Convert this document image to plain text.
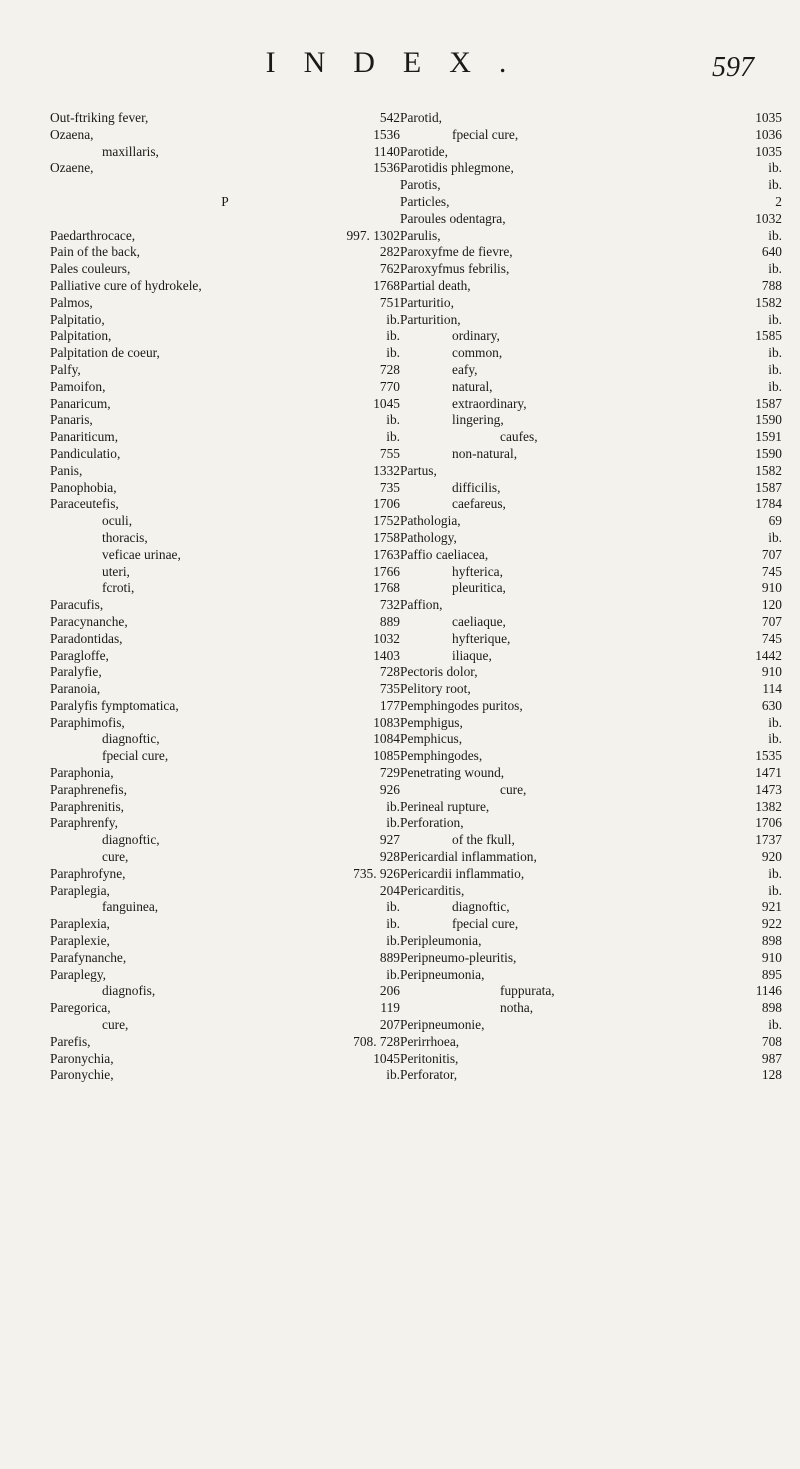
INDEX.	597
Out-ftriking fever,	542
Ozaena,	1536
maxillaris,	1140
Ozaene,	1536
P
Paedarthrocace,	997. 1302
Pain of the back,	282
Pales couleurs,	762
Palliative cure of hydrokele,	1768
Palmos,	751
Palpitatio,	ib.
Palpitation,	ib.
Palpitation de coeur,	ib.
Palfy,	728
Pamoifon,	770
Panaricum,	1045
Panaris,	ib.
Panariticum,	ib.
Pandiculatio,	755
Panis,	1332
Panophobia,	735
Paraceutefis,	1706
oculi,	1752
thoracis,	1758
veficae urinae,	1763
uteri,	1766
fcroti,	1768
Paracufis,	732
Paracynanche,	889
Paradontidas,	1032
Paragloffe,	1403
Paralyfie,	728
Paranoia,	735
Paralyfis fymptomatica,	177
Paraphimofis,	1083
diagnoftic,	1084
fpecial cure,	1085
Paraphonia,	729
Paraphrenefis,	926
Paraphrenitis,	ib.
Paraphrenfy,	ib.
diagnoftic,	927
cure,	928
Paraphrofyne,	735. 926
Paraplegia,	204
fanguinea,	ib.
Paraplexia,	ib.
Paraplexie,	ib.
Parafynanche,	889
Paraplegy,	ib.
diagnofis,	206
Paregorica,	119
cure,	207
Parefis,	708. 728
Paronychia,	1045
Paronychie,	ib.
Parotid,	1035
fpecial cure,	1036
Parotide,	1035
Parotidis phlegmone,	ib.
Parotis,	ib.
Particles,	2
Paroules odentagra,	1032
Parulis,	ib.
Paroxyfme de fievre,	640
Paroxyfmus febrilis,	ib.
Partial death,	788
Parturitio,	1582
Parturition,	ib.
ordinary,	1585
common,	ib.
eafy,	ib.
natural,	ib.
extraordinary,	1587
lingering,	1590
caufes,	1591
non-natural,	1590
Partus,	1582
difficilis,	1587
caefareus,	1784
Pathologia,	69
Pathology,	ib.
Paffio caeliacea,	707
hyfterica,	745
pleuritica,	910
Paffion,	120
caeliaque,	707
hyfterique,	745
iliaque,	1442
Pectoris dolor,	910
Pelitory root,	114
Pemphingodes puritos,	630
Pemphigus,	ib.
Pemphicus,	ib.
Pemphingodes,	1535
Penetrating wound,	1471
cure,	1473
Perineal rupture,	1382
Perforation,	1706
of the fkull,	1737
Pericardial inflammation,	920
Pericardii inflammatio,	ib.
Pericarditis,	ib.
diagnoftic,	921
fpecial cure,	922
Peripleumonia,	898
Peripneumo-pleuritis,	910
Peripneumonia,	895
fuppurata,	1146
notha,	898
Peripneumonie,	ib.
Perirrhoea,	708
Peritonitis,	987
Perforator,	128
